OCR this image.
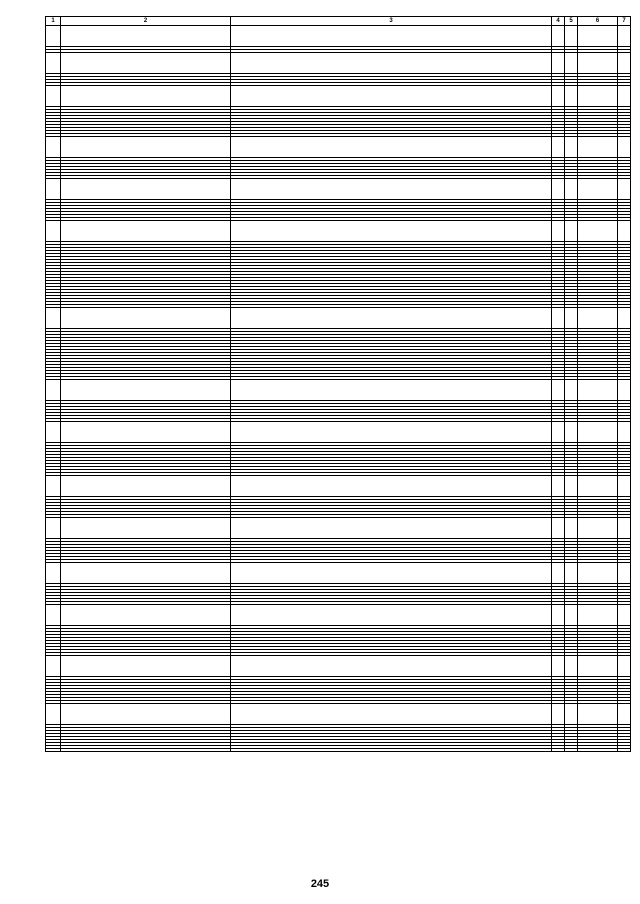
1	2	3	4	5	6	7

245
